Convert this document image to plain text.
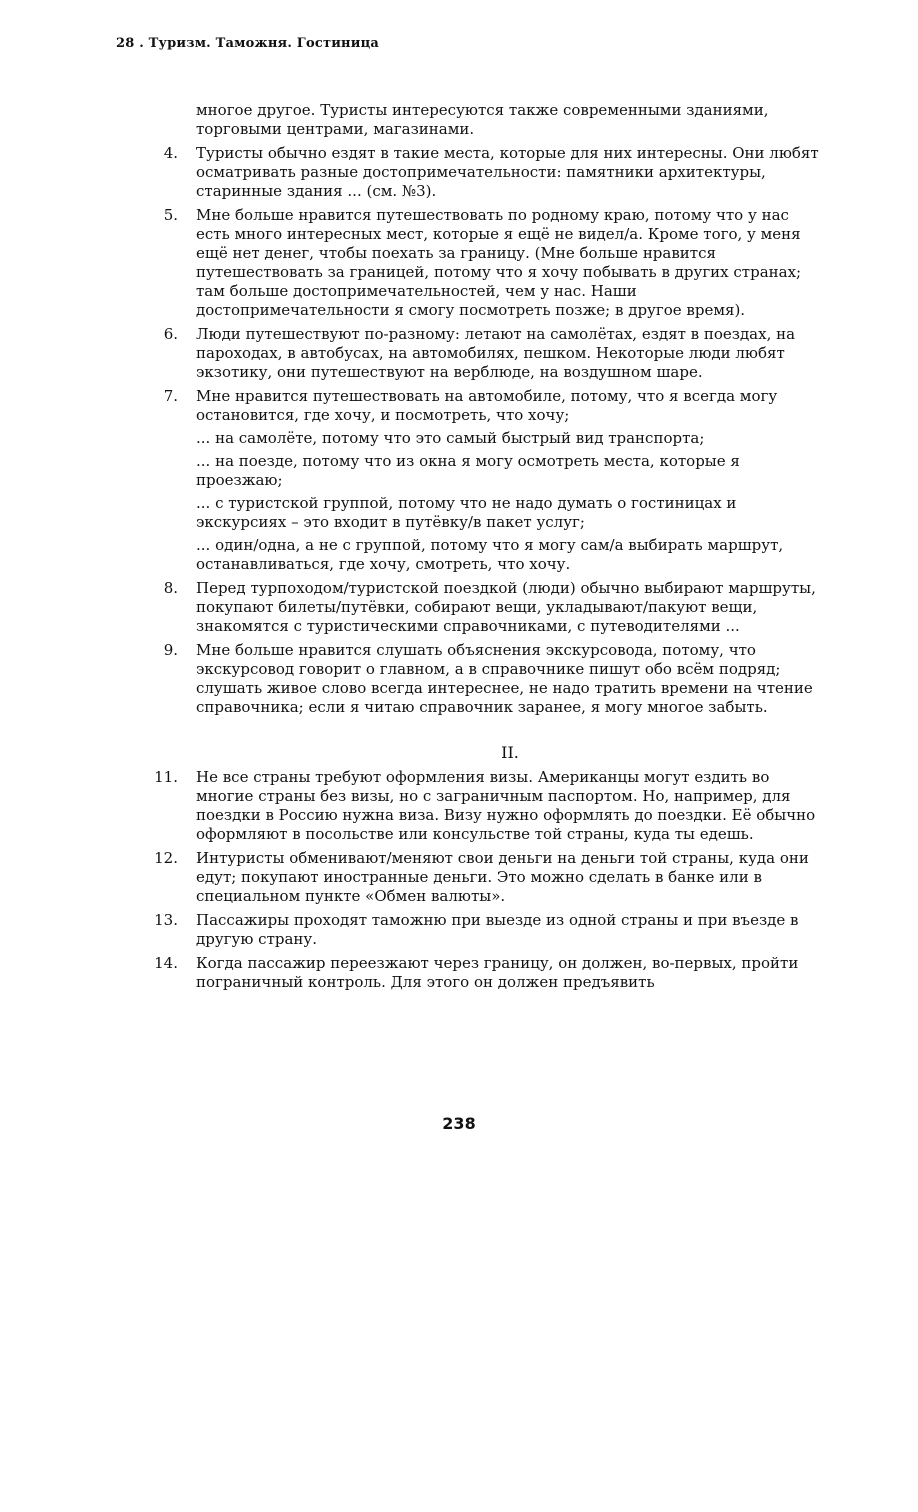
28 . Туризм. Таможня. Гостиница
многое другое. Туристы интересуются также современными зданиями, торговыми центрами, магазинами.
4. Туристы обычно ездят в такие места, которые для них интересны. Они любят осматривать разные достопримечательности: памятники архитектуры, старинные здания ... (см. №3).
5. Мне больше нравится путешествовать по родному краю, потому что у нас есть много интересных мест, которые я ещё не видел/а. Кроме того, у меня ещё нет денег, чтобы поехать за границу. (Мне больше нравится путешествовать за границей, потому что я хочу побывать в других странах; там больше достопримечательностей, чем у нас. Наши достопримечательности я смогу посмотреть позже; в другое время).
6. Люди путешествуют по-разному: летают на самолётах, ездят в поездах, на пароходах, в автобусах, на автомобилях, пешком. Некоторые люди любят экзотику, они путешествуют на верблюде, на воздушном шаре.
7. Мне нравится путешествовать на автомобиле, потому, что я всегда могу остановится, где хочу, и посмотреть, что хочу;
... на самолёте, потому что это самый быстрый вид транспорта;
... на поезде, потому что из окна я могу осмотреть места, которые я проезжаю;
... с туристской группой, потому что не надо думать о гостиницах и экскурсиях – это входит в путёвку/в пакет услуг;
... один/одна, а не с группой, потому что я могу сам/а выбирать маршрут, останавливаться, где хочу, смотреть, что хочу.
8. Перед турпоходом/туристской поездкой (люди) обычно выбирают маршруты, покупают билеты/путёвки, собирают вещи, укладывают/пакуют вещи, знакомятся с туристическими справочниками, с путеводителями ...
9. Мне больше нравится слушать объяснения экскурсовода, потому, что экскурсовод говорит о главном, а в справочнике пишут обо всём подряд; слушать живое слово всегда интереснее, не надо тратить времени на чтение справочника; если я читаю справочник заранее, я могу многое забыть.
II.
11. Не все страны требуют оформления визы. Американцы могут ездить во многие страны без визы, но с заграничным паспортом. Но, например, для поездки в Россию нужна виза. Визу нужно оформлять до поездки. Её обычно оформляют в посольстве или консульстве той страны, куда ты едешь.
12. Интуристы обменивают/меняют свои деньги на деньги той страны, куда они едут; покупают иностранные деньги. Это можно сделать в банке или в специальном пункте «Обмен валюты».
13. Пассажиры проходят таможню при выезде из одной страны и при въезде в другую страну.
14. Когда пассажир переезжают через границу, он должен, во-первых, пройти пограничный контроль. Для этого он должен предъявить
238
